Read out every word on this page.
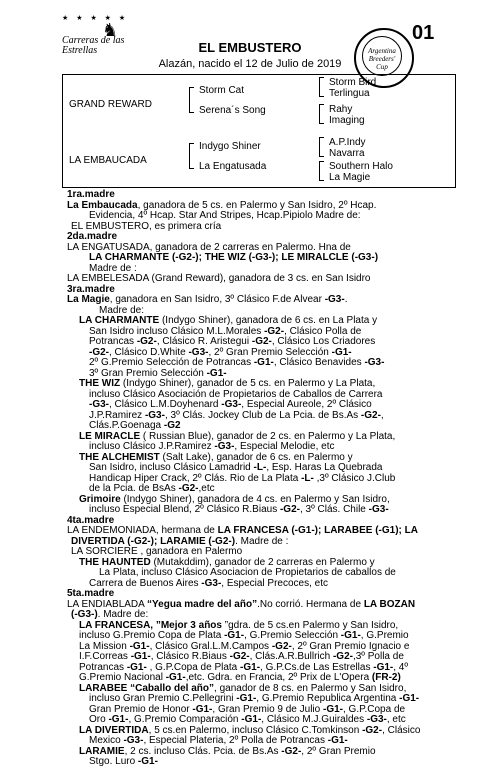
★ ★ ★ ★ ★
♞
Carreras de las Estrellas	Argentina Breeders' Cup
01
EL EMBUSTERO
Alazán, nacido el 12 de Julio de 2019
GRAND REWARD
LA EMBAUCADA
Storm Cat
Serena´s Song
Indygo Shiner
La Engatusada
Storm Bird
Terlingua
Rahy
Imaging
A.P.Indy
Navarra
Southern Halo
La Magie

1ra.madre

La Embaucada, ganadora de 5 cs. en Palermo y San Isidro, 2º Hcap.

Evidencia, 4º Hcap. Star And Stripes, Hcap.Pipiolo Madre de:

EL EMBUSTERO, es primera cría

2da.madre

LA ENGATUSADA, ganadora de 2 carreras en Palermo. Hna de

LA CHARMANTE (-G2-); THE WIZ (-G3-); LE MIRALCLE (-G3-)

Madre de :

LA EMBELESADA (Grand Reward), ganadora de 3 cs. en San Isidro

3ra.madre

La Magie, ganadora en San Isidro, 3º Clásico F.de Alvear -G3-.

Madre de:

LA CHARMANTE (Indygo Shiner), ganadora de 6 cs. en La Plata y

San Isidro incluso Clásico M.L.Morales -G2-, Clásico Polla de

Potrancas -G2-, Clásico R. Aristegui -G2-, Clásico Los Criadores

-G2-, Clásico D.White -G3-, 2º Gran Premio Selección -G1-

2º G.Premio Selección de Potrancas -G1-, Clásico Benavides -G3-

3º Gran Premio Selección -G1-

THE WIZ (Indygo Shiner), ganador de 5 cs. en Palermo y La Plata,

incluso Clásico Asociación de Propietarios de Caballos de Carrera

-G3-, Clásico L.M.Doyhenard -G3-, Especial Aureole, 2º Clásico

J.P.Ramirez -G3-, 3º Clás. Jockey Club de La Pcia. de Bs.As -G2-,

Clás.P.Goenaga -G2

LE MIRACLE ( Russian Blue), ganador de 2 cs. en Palermo y La Plata,

incluso Clásico J.P.Ramirez -G3-, Especial Melodie, etc

THE ALCHEMIST (Salt Lake), ganador de 6 cs. en Palermo y

San Isidro, incluso Clásico Lamadrid -L-, Esp. Haras La Quebrada

Handicap Hiper Crack, 2º Clás. Rio de La Plata -L- ,3º Clásico J.Club

de la Pcia. de BsAs -G2-,etc

Grimoire (Indygo Shiner), ganadora de 4 cs. en Palermo y San Isidro,

incluso Especial Blend, 2º Clásico R.Biaus -G2-, 3º Clás. Chile -G3-

4ta.madre

LA ENDEMONIADA, hermana de LA FRANCESA (-G1-); LARABEE (-G1); LA

DIVERTIDA (-G2-); LARAMIE (-G2-). Madre de :

LA SORCIERE , ganadora en Palermo

THE HAUNTED (Mutakddim), ganador de 2 carreras en Palermo y

La Plata, incluso Clásico Asociacion de Propietarios de caballos de

Carrera de Buenos Aires -G3-, Especial Precoces, etc

5ta.madre

LA ENDIABLADA “Yegua madre del año”.No corrió. Hermana de LA BOZAN

(-G3-). Madre de:

LA FRANCESA, ”Mejor 3 años ”gdra. de 5 cs.en Palermo y San Isidro,

incluso G.Premio Copa de Plata -G1-, G.Premio Selección -G1-, G.Premio

La Mission -G1-, Clásico Gral.L.M.Campos -G2-, 2º Gran Premio Ignacio e

I.F.Correas -G1-, Clásico R.Biaus -G2-, Clás.A.R.Bullrich -G2-,3º Polla de

Potrancas -G1- , G.P.Copa de Plata -G1-, G.P.Cs.de Las Estrellas -G1-, 4º

G.Premio Nacional -G1-,etc. Gdra. en Francia, 2º Prix de L'Opera (FR-2)

LARABEE “Caballo del año”, ganador de 8 cs. en Palermo y San Isidro,

incluso Gran Premio C.Pellegrini -G1-, G.Premio Republica Argentina -G1-

Gran Premio de Honor -G1-, Gran Premio 9 de Julio -G1-, G.P.Copa de

Oro -G1-, G.Premio Comparación -G1-, Clásico M.J.Guiraldes -G3-, etc

LA DIVERTIDA, 5 cs.en Palermo, incluso Clásico C.Tomkinson -G2-, Clásico

Mexico -G3-, Especial Plateria, 2º Polla de Potrancas -G1-

LARAMIE, 2 cs. incluso Clás. Pcia. de Bs.As -G2-, 2º Gran Premio

Stgo. Luro -G1-
